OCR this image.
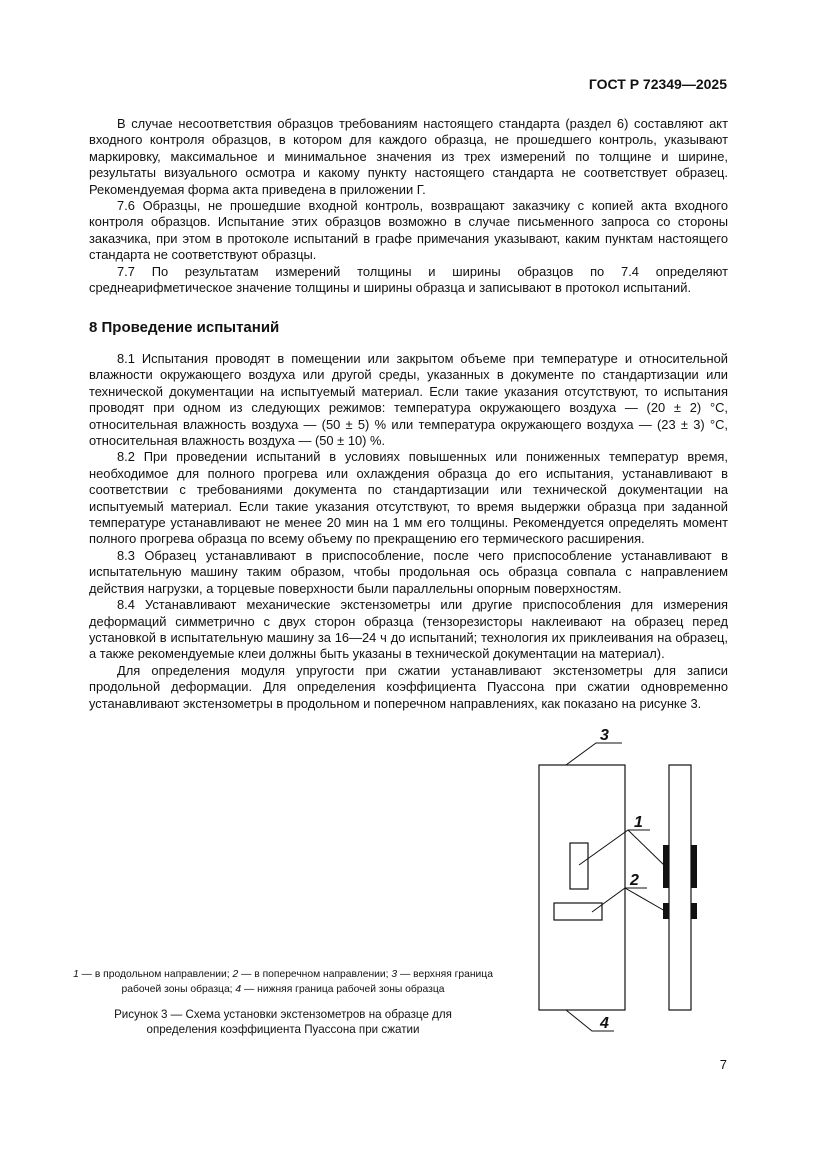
ГОСТ Р 72349—2025

В случае несоответствия образцов требованиям настоящего стандарта (раздел 6) составляют акт входного контроля образцов, в котором для каждого образца, не прошедшего контроль, указывают маркировку, максимальное и минимальное значения из трех измерений по толщине и ширине, результаты визуального осмотра и какому пункту настоящего стандарта не соответствует образец. Рекомендуемая форма акта приведена в приложении Г.

7.6 Образцы, не прошедшие входной контроль, возвращают заказчику с копией акта входного контроля образцов. Испытание этих образцов возможно в случае письменного запроса со стороны заказчика, при этом в протоколе испытаний в графе примечания указывают, каким пунктам настоящего стандарта не соответствуют образцы.

7.7 По результатам измерений толщины и ширины образцов по 7.4 определяют среднеарифметическое значение толщины и ширины образца и записывают в протокол испытаний.

8 Проведение испытаний

8.1 Испытания проводят в помещении или закрытом объеме при температуре и относительной влажности окружающего воздуха или другой среды, указанных в документе по стандартизации или технической документации на испытуемый материал. Если такие указания отсутствуют, то испытания проводят при одном из следующих режимов: температура окружающего воздуха — (20 ± 2) °С, относительная влажность воздуха — (50 ± 5) % или температура окружающего воздуха — (23 ± 3) °С, относительная влажность воздуха — (50 ± 10) %.

8.2 При проведении испытаний в условиях повышенных или пониженных температур время, необходимое для полного прогрева или охлаждения образца до его испытания, устанавливают в соответствии с требованиями документа по стандартизации или технической документации на испытуемый материал. Если такие указания отсутствуют, то время выдержки образца при заданной температуре устанавливают не менее 20 мин на 1 мм его толщины. Рекомендуется определять момент полного прогрева образца по всему объему по прекращению его термического расширения.

8.3 Образец устанавливают в приспособление, после чего приспособление устанавливают в испытательную машину таким образом, чтобы продольная ось образца совпала с направлением действия нагрузки, а торцевые поверхности были параллельны опорным поверхностям.

8.4 Устанавливают механические экстензометры или другие приспособления для измерения деформаций симметрично с двух сторон образца (тензорезисторы наклеивают на образец перед установкой в испытательную машину за 16—24 ч до испытаний; технология их приклеивания на образец, а также рекомендуемые клеи должны быть указаны в технической документации на материал).

Для определения модуля упругости при сжатии устанавливают экстензометры для записи продольной деформации. Для определения коэффициента Пуассона при сжатии одновременно устанавливают экстензометры в продольном и поперечном направлениях, как показано на рисунке 3.

3
1
2
4
1 — в продольном направлении; 2 — в поперечном направлении; 3 — верхняя граница рабочей зоны образца; 4 — нижняя граница рабочей зоны образца
Рисунок 3 — Схема установки экстензометров на образце для определения коэффициента Пуассона при сжатии
7
